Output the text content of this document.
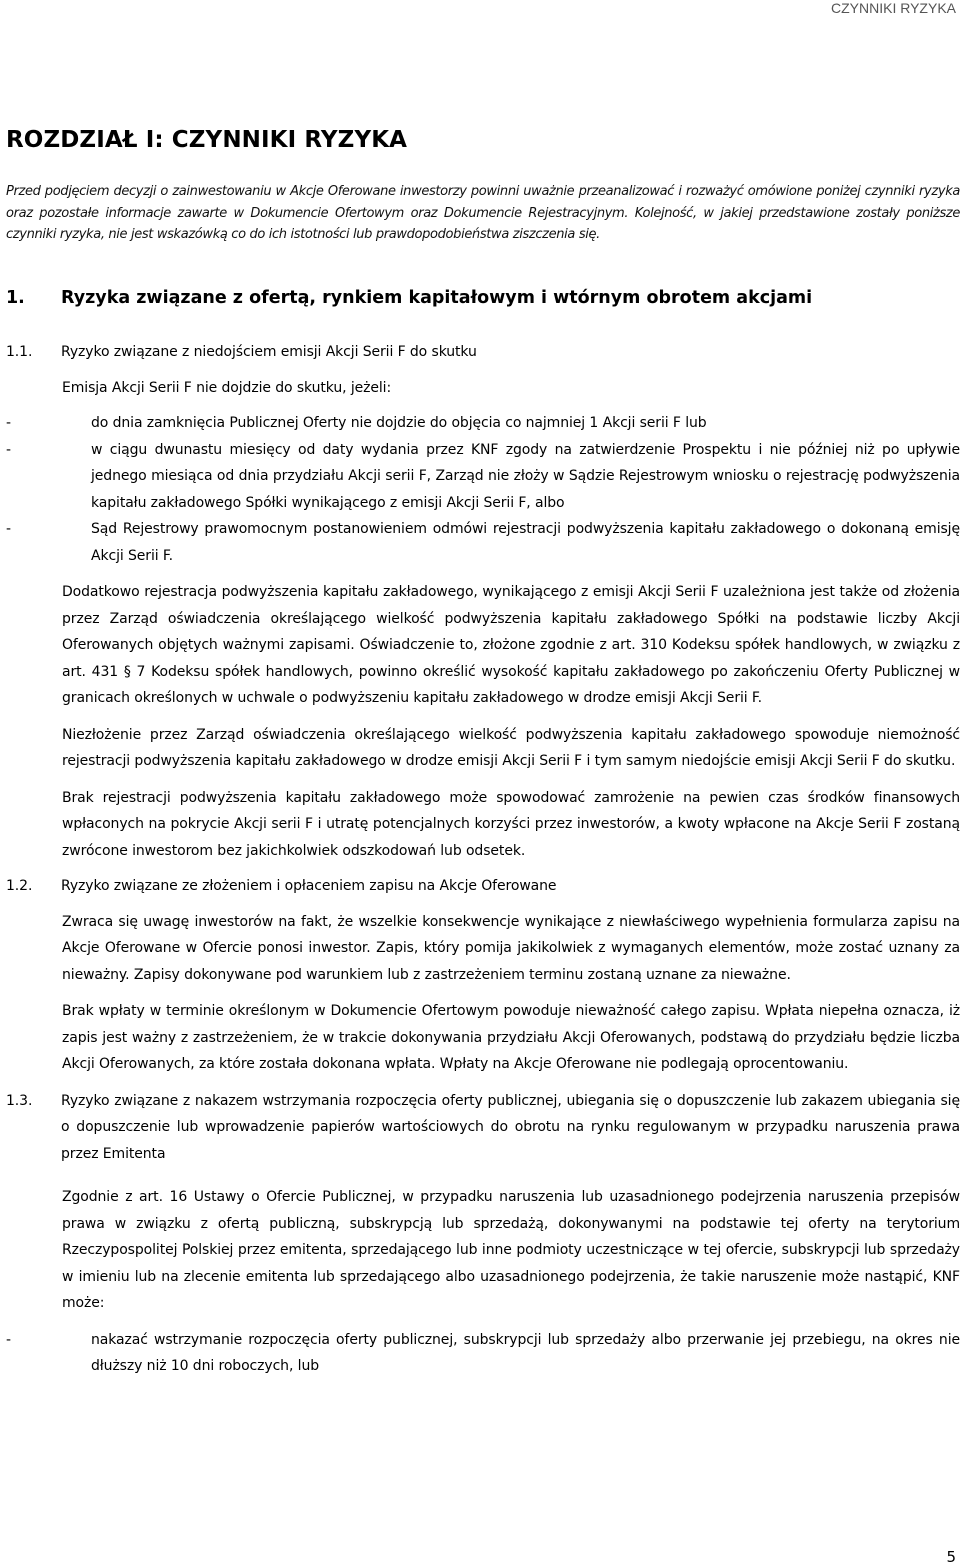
CZYNNIKI RYZYKA
ROZDZIAŁ I: CZYNNIKI RYZYKA

Przed podjęciem decyzji o zainwestowaniu w Akcje Oferowane inwestorzy powinni uważnie przeanalizować i rozważyć omówione poniżej czynniki ryzyka oraz pozostałe informacje zawarte w Dokumencie Ofertowym oraz Dokumencie Rejestracyjnym. Kolejność, w jakiej przedstawione zostały poniższe czynniki ryzyka, nie jest wskazówką co do ich istotności lub prawdopodobieństwa ziszczenia się.

1. Ryzyka związane z ofertą, rynkiem kapitałowym i wtórnym obrotem akcjami
1.1.	Ryzyko związane z niedojściem emisji Akcji Serii F do skutku

Emisja Akcji Serii F nie dojdzie do skutku, jeżeli:

-	do dnia zamknięcia Publicznej Oferty nie dojdzie do objęcia co najmniej 1 Akcji serii F lub
-	w ciągu dwunastu miesięcy od daty wydania przez KNF zgody na zatwierdzenie Prospektu i nie później niż po upływie jednego miesiąca od dnia przydziału Akcji serii F, Zarząd nie złoży w Sądzie Rejestrowym wniosku o rejestrację podwyższenia kapitału zakładowego Spółki wynikającego z emisji Akcji Serii F, albo
-	Sąd Rejestrowy prawomocnym postanowieniem odmówi rejestracji podwyższenia kapitału zakładowego o dokonaną emisję Akcji Serii F.

Dodatkowo rejestracja podwyższenia kapitału zakładowego, wynikającego z emisji Akcji Serii F uzależniona jest także od złożenia przez Zarząd oświadczenia określającego wielkość podwyższenia kapitału zakładowego Spółki na podstawie liczby Akcji Oferowanych objętych ważnymi zapisami. Oświadczenie to, złożone zgodnie z art. 310 Kodeksu spółek handlowych, w związku z art. 431 § 7 Kodeksu spółek handlowych, powinno określić wysokość kapitału zakładowego po zakończeniu Oferty Publicznej w granicach określonych w uchwale o podwyższeniu kapitału zakładowego w drodze emisji Akcji Serii F.

Niezłożenie przez Zarząd oświadczenia określającego wielkość podwyższenia kapitału zakładowego spowoduje niemożność rejestracji podwyższenia kapitału zakładowego w drodze emisji Akcji Serii F i tym samym niedojście emisji Akcji Serii F do skutku.

Brak rejestracji podwyższenia kapitału zakładowego może spowodować zamrożenie na pewien czas środków finansowych wpłaconych na pokrycie Akcji serii F i utratę potencjalnych korzyści przez inwestorów, a kwoty wpłacone na Akcje Serii F zostaną zwrócone inwestorom bez jakichkolwiek odszkodowań lub odsetek.

1.2.	Ryzyko związane ze złożeniem i opłaceniem zapisu na Akcje Oferowane

Zwraca się uwagę inwestorów na fakt, że wszelkie konsekwencje wynikające z niewłaściwego wypełnienia formularza zapisu na Akcje Oferowane w Ofercie ponosi inwestor. Zapis, który pomija jakikolwiek z wymaganych elementów, może zostać uznany za nieważny. Zapisy dokonywane pod warunkiem lub z zastrzeżeniem terminu zostaną uznane za nieważne.

Brak wpłaty w terminie określonym w Dokumencie Ofertowym powoduje nieważność całego zapisu. Wpłata niepełna oznacza, iż zapis jest ważny z zastrzeżeniem, że w trakcie dokonywania przydziału Akcji Oferowanych, podstawą do przydziału będzie liczba Akcji Oferowanych, za które została dokonana wpłata. Wpłaty na Akcje Oferowane nie podlegają oprocentowaniu.

1.3.	Ryzyko związane z nakazem wstrzymania rozpoczęcia oferty publicznej, ubiegania się o dopuszczenie lub zakazem ubiegania się o dopuszczenie lub wprowadzenie papierów wartościowych do obrotu na rynku regulowanym w przypadku naruszenia prawa przez Emitenta

Zgodnie z art. 16 Ustawy o Ofercie Publicznej, w przypadku naruszenia lub uzasadnionego podejrzenia naruszenia przepisów prawa w związku z ofertą publiczną, subskrypcją lub sprzedażą, dokonywanymi na podstawie tej oferty na terytorium Rzeczypospolitej Polskiej przez emitenta, sprzedającego lub inne podmioty uczestniczące w tej ofercie, subskrypcji lub sprzedaży w imieniu lub na zlecenie emitenta lub sprzedającego albo uzasadnionego podejrzenia, że takie naruszenie może nastąpić, KNF może:

-	nakazać wstrzymanie rozpoczęcia oferty publicznej, subskrypcji lub sprzedaży albo przerwanie jej przebiegu, na okres nie dłuższy niż 10 dni roboczych, lub
5
